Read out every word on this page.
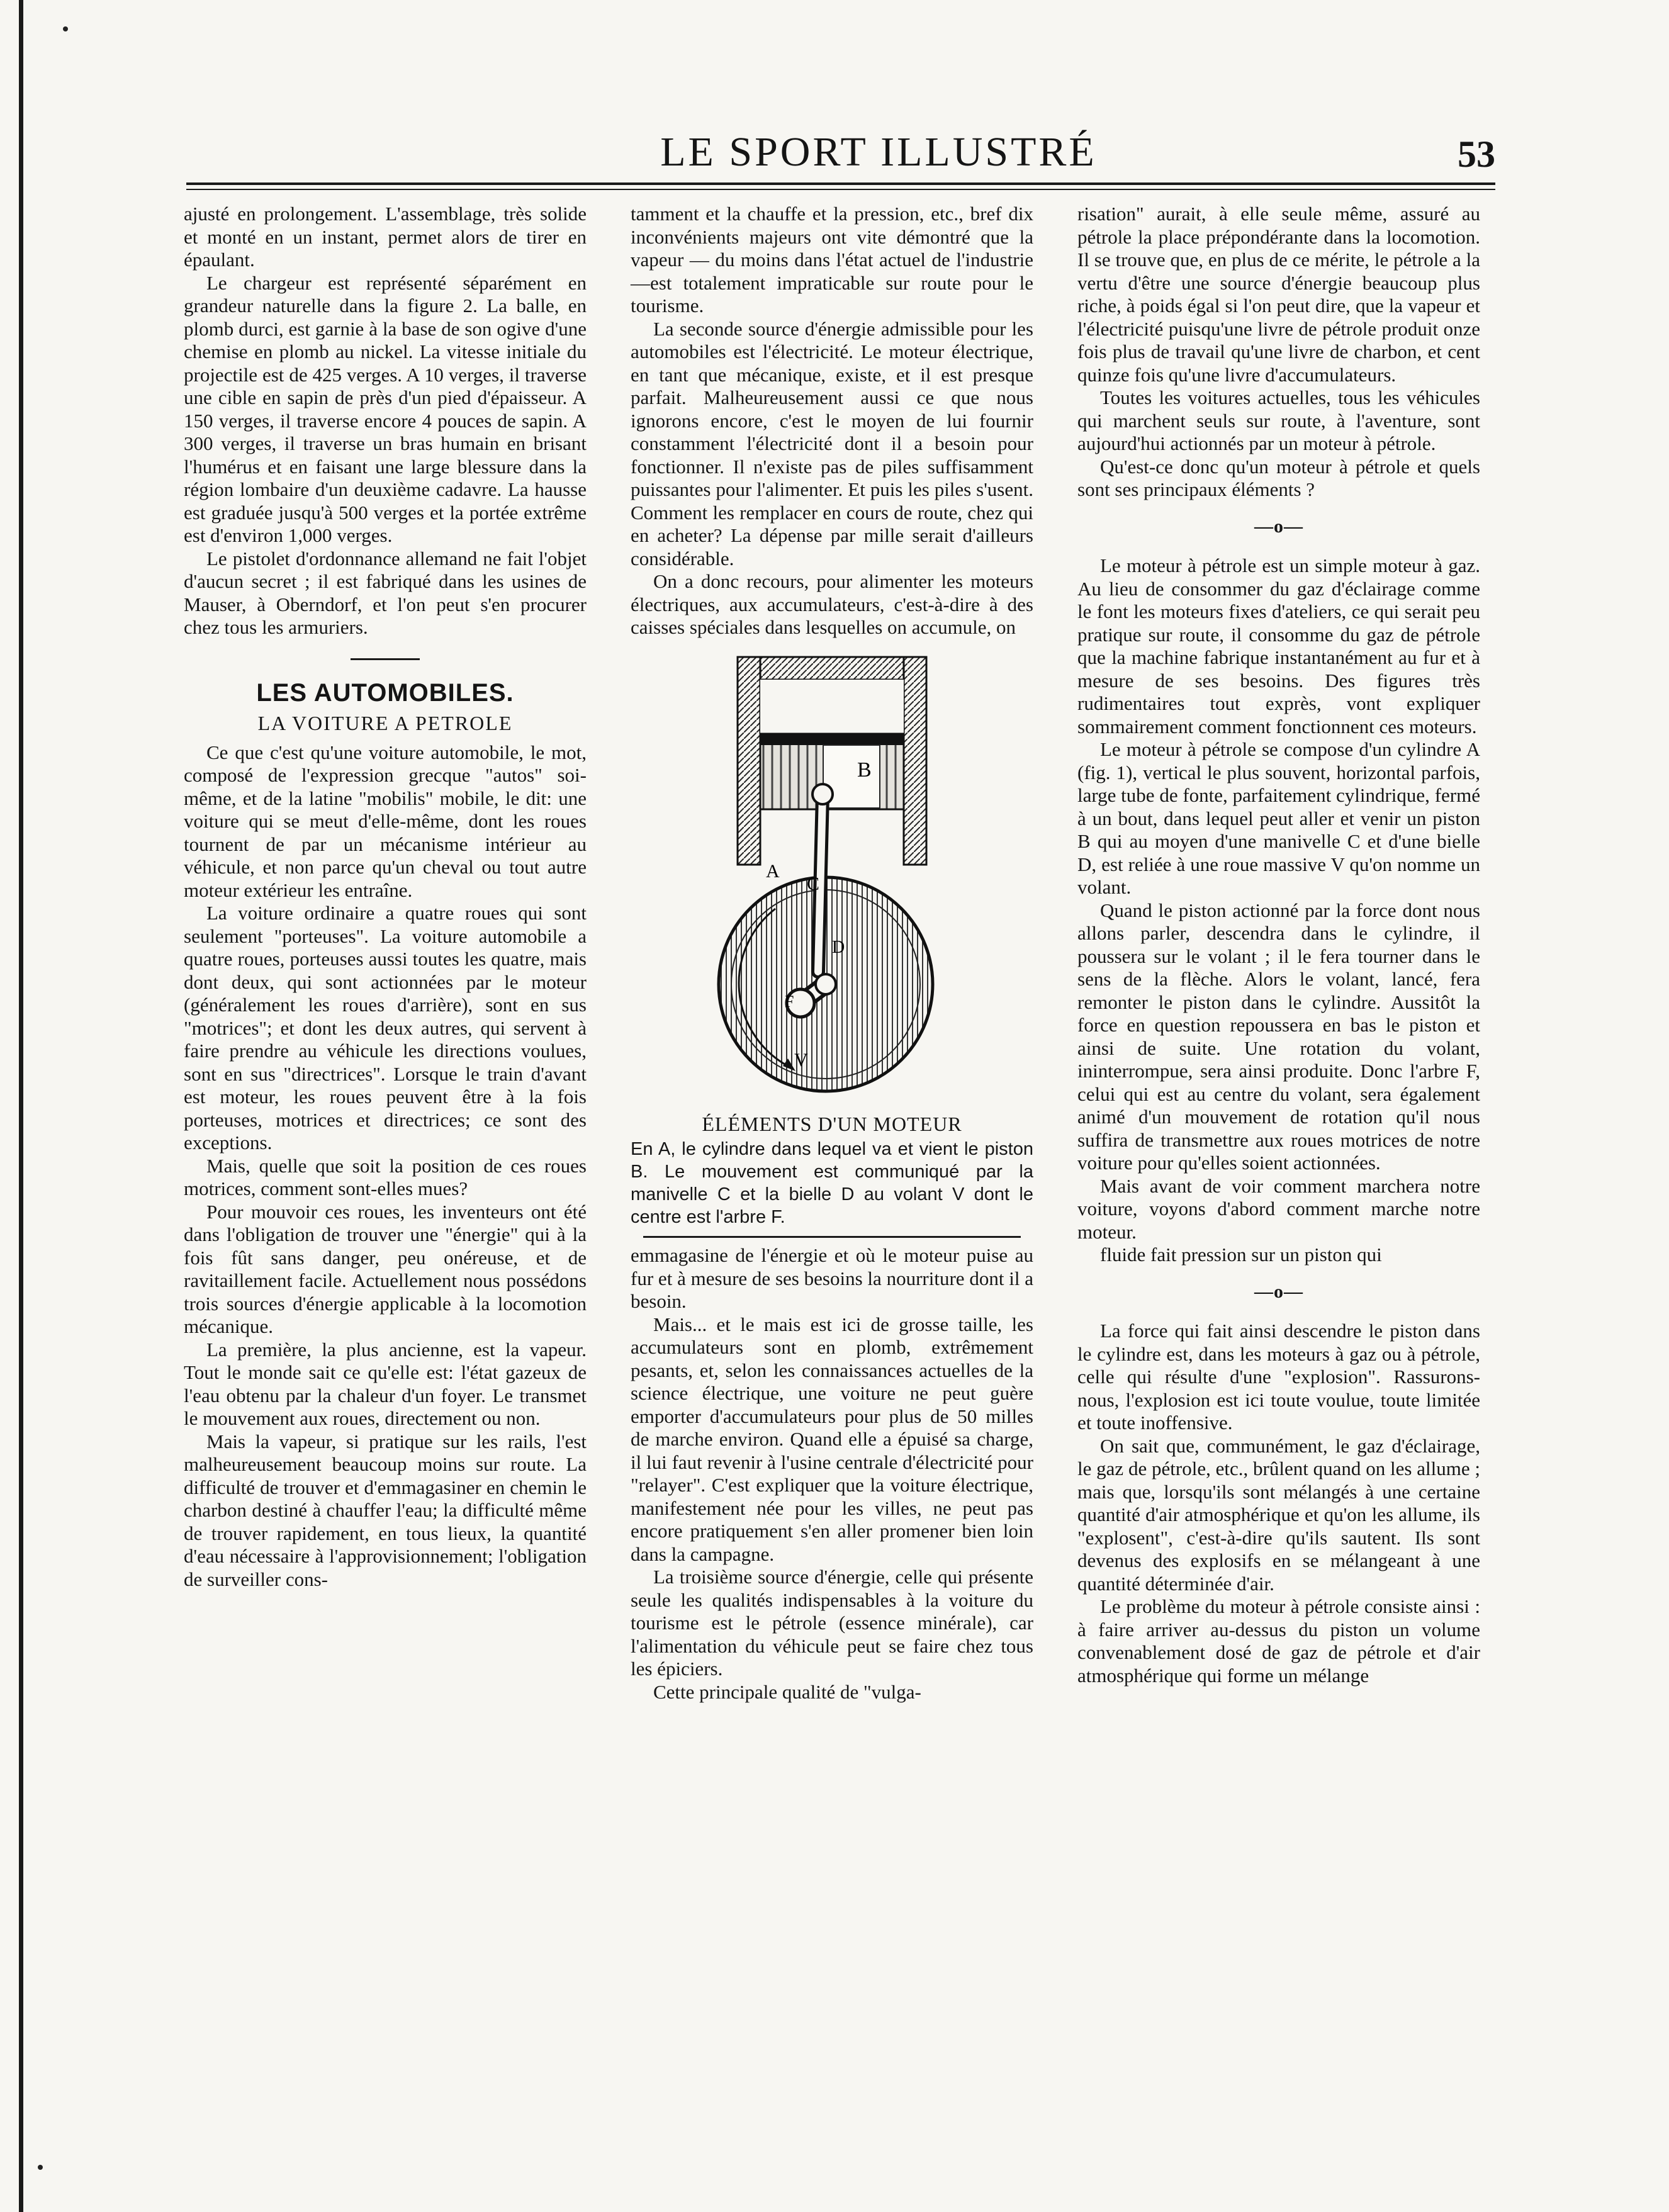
LE SPORT ILLUSTRÉ	53

ajusté en prolongement. L'assemblage, très solide et monté en un instant, permet alors de tirer en épaulant.

Le chargeur est représenté séparément en grandeur naturelle dans la figure 2. La balle, en plomb durci, est garnie à la base de son ogive d'une chemise en plomb au nickel. La vitesse initiale du projectile est de 425 verges. A 10 verges, il traverse une cible en sapin de près d'un pied d'épaisseur. A 150 verges, il traverse encore 4 pouces de sapin. A 300 verges, il traverse un bras humain en brisant l'humérus et en faisant une large blessure dans la région lombaire d'un deuxième cadavre. La hausse est graduée jusqu'à 500 verges et la portée extrême est d'environ 1,000 verges.

Le pistolet d'ordonnance allemand ne fait l'objet d'aucun secret ; il est fabriqué dans les usines de Mauser, à Oberndorf, et l'on peut s'en procurer chez tous les armuriers.

LES AUTOMOBILES.
LA VOITURE A PETROLE

Ce que c'est qu'une voiture automobile, le mot, composé de l'expression grecque "autos" soi-même, et de la latine "mobilis" mobile, le dit: une voiture qui se meut d'elle-même, dont les roues tournent de par un mécanisme intérieur au véhicule, et non parce qu'un cheval ou tout autre moteur extérieur les entraîne.

La voiture ordinaire a quatre roues qui sont seulement "porteuses". La voiture automobile a quatre roues, porteuses aussi toutes les quatre, mais dont deux, qui sont actionnées par le moteur (généralement les roues d'arrière), sont en sus "motrices"; et dont les deux autres, qui servent à faire prendre au véhicule les directions voulues, sont en sus "directrices". Lorsque le train d'avant est moteur, les roues peuvent être à la fois porteuses, motrices et directrices; ce sont des exceptions.

Mais, quelle que soit la position de ces roues motrices, comment sont-elles mues?

Pour mouvoir ces roues, les inventeurs ont été dans l'obligation de trouver une "énergie" qui à la fois fût sans danger, peu onéreuse, et de ravitaillement facile. Actuellement nous possédons trois sources d'énergie applicable à la locomotion mécanique.

La première, la plus ancienne, est la vapeur. Tout le monde sait ce qu'elle est: l'état gazeux de l'eau obtenu par la chaleur d'un foyer. Le transmet le mouvement aux roues, directement ou non.

Mais la vapeur, si pratique sur les rails, l'est malheureusement beaucoup moins sur route. La difficulté de trouver et d'emmagasiner en chemin le charbon destiné à chauffer l'eau; la difficulté même de trouver rapidement, en tous lieux, la quantité d'eau nécessaire à l'approvisionnement; l'obligation de surveiller cons-

tamment et la chauffe et la pression, etc., bref dix inconvénients majeurs ont vite démontré que la vapeur — du moins dans l'état actuel de l'industrie—est totalement impraticable sur route pour le tourisme.

La seconde source d'énergie admissible pour les automobiles est l'électricité. Le moteur électrique, en tant que mécanique, existe, et il est presque parfait. Malheureusement aussi ce que nous ignorons encore, c'est le moyen de lui fournir constamment l'électricité dont il a besoin pour fonctionner. Il n'existe pas de piles suffisamment puissantes pour l'alimenter. Et puis les piles s'usent. Comment les remplacer en cours de route, chez qui en acheter? La dépense par mille serait d'ailleurs considérable.

On a donc recours, pour alimenter les moteurs électriques, aux accumulateurs, c'est-à-dire à des caisses spéciales dans lesquelles on accumule, on

B
A
C
D
F
V
ÉLÉMENTS D'UN MOTEUR
En A, le cylindre dans lequel va et vient le piston B. Le mouvement est communiqué par la manivelle C et la bielle D au volant V dont le centre est l'arbre F.

emmagasine de l'énergie et où le moteur puise au fur et à mesure de ses besoins la nourriture dont il a besoin.

Mais... et le mais est ici de grosse taille, les accumulateurs sont en plomb, extrêmement pesants, et, selon les connaissances actuelles de la science électrique, une voiture ne peut guère emporter d'accumulateurs pour plus de 50 milles de marche environ. Quand elle a épuisé sa charge, il lui faut revenir à l'usine centrale d'électricité pour "relayer". C'est expliquer que la voiture électrique, manifestement née pour les villes, ne peut pas encore pratiquement s'en aller promener bien loin dans la campagne.

La troisième source d'énergie, celle qui présente seule les qualités indispensables à la voiture du tourisme est le pétrole (essence minérale), car l'alimentation du véhicule peut se faire chez tous les épiciers.

Cette principale qualité de "vulga-

risation" aurait, à elle seule même, assuré au pétrole la place prépondérante dans la locomotion. Il se trouve que, en plus de ce mérite, le pétrole a la vertu d'être une source d'énergie beaucoup plus riche, à poids égal si l'on peut dire, que la vapeur et l'électricité puisqu'une livre de pétrole produit onze fois plus de travail qu'une livre de charbon, et cent quinze fois qu'une livre d'accumulateurs.

Toutes les voitures actuelles, tous les véhicules qui marchent seuls sur route, à l'aventure, sont aujourd'hui actionnés par un moteur à pétrole.

Qu'est-ce donc qu'un moteur à pétrole et quels sont ses principaux éléments ?

—o—

Le moteur à pétrole est un simple moteur à gaz. Au lieu de consommer du gaz d'éclairage comme le font les moteurs fixes d'ateliers, ce qui serait peu pratique sur route, il consomme du gaz de pétrole que la machine fabrique instantanément au fur et à mesure de ses besoins. Des figures très rudimentaires tout exprès, vont expliquer sommairement comment fonctionnent ces moteurs.

Le moteur à pétrole se compose d'un cylindre A (fig. 1), vertical le plus souvent, horizontal parfois, large tube de fonte, parfaitement cylindrique, fermé à un bout, dans lequel peut aller et venir un piston B qui au moyen d'une manivelle C et d'une bielle D, est reliée à une roue massive V qu'on nomme un volant.

Quand le piston actionné par la force dont nous allons parler, descendra dans le cylindre, il poussera sur le volant ; il le fera tourner dans le sens de la flèche. Alors le volant, lancé, fera remonter le piston dans le cylindre. Aussitôt la force en question repoussera en bas le piston et ainsi de suite. Une rotation du volant, ininterrompue, sera ainsi produite. Donc l'arbre F, celui qui est au centre du volant, sera également animé d'un mouvement de rotation qu'il nous suffira de transmettre aux roues motrices de notre voiture pour qu'elles soient actionnées.

Mais avant de voir comment marchera notre voiture, voyons d'abord comment marche notre moteur.

fluide fait pression sur un piston qui

—o—

La force qui fait ainsi descendre le piston dans le cylindre est, dans les moteurs à gaz ou à pétrole, celle qui résulte d'une "explosion". Rassurons-nous, l'explosion est ici toute voulue, toute limitée et toute inoffensive.

On sait que, communément, le gaz d'éclairage, le gaz de pétrole, etc., brûlent quand on les allume ; mais que, lorsqu'ils sont mélangés à une certaine quantité d'air atmosphérique et qu'on les allume, ils "explosent", c'est-à-dire qu'ils sautent. Ils sont devenus des explosifs en se mélangeant à une quantité déterminée d'air.

Le problème du moteur à pétrole consiste ainsi : à faire arriver au-dessus du piston un volume convenablement dosé de gaz de pétrole et d'air atmosphérique qui forme un mélange
